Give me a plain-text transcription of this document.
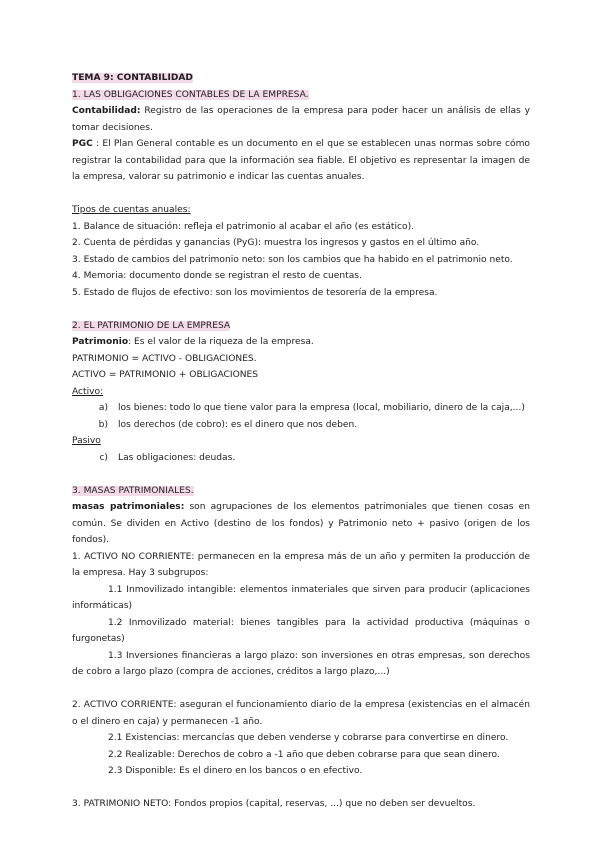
TEMA 9: CONTABILIDAD

1. LAS OBLIGACIONES CONTABLES DE LA EMPRESA.

Contabilidad: Registro de las operaciones de la empresa para poder hacer un análisis de ellas y tomar decisiones.

PGC : El Plan General contable es un documento en el que se establecen unas normas sobre cómo registrar la contabilidad para que la información sea fiable. El objetivo es representar la imagen de la empresa, valorar su patrimonio e indicar las cuentas anuales.

Tipos de cuentas anuales:

1. Balance de situación: refleja el patrimonio al acabar el año (es estático).

2. Cuenta de pérdidas y ganancias (PyG): muestra los ingresos y gastos en el último año.

3. Estado de cambios del patrimonio neto: son los cambios que ha habido en el patrimonio neto.

4. Memoria: documento donde se registran el resto de cuentas.

5. Estado de flujos de efectivo: son los movimientos de tesorería de la empresa.

2. EL PATRIMONIO DE LA EMPRESA

Patrimonio: Es el valor de la riqueza de la empresa.

PATRIMONIO = ACTIVO - OBLIGACIONES.

ACTIVO = PATRIMONIO + OBLIGACIONES

Activo:

a)	los bienes: todo lo que tiene valor para la empresa (local, mobiliario, dinero de la caja,...)
b)	los derechos (de cobro): es el dinero que nos deben.

Pasivo

c)	Las obligaciones: deudas.

3. MASAS PATRIMONIALES.

masas patrimoniales: son agrupaciones de los elementos patrimoniales que tienen cosas en común. Se dividen en Activo (destino de los fondos) y Patrimonio neto + pasivo (origen de los fondos).

1. ACTIVO NO CORRIENTE: permanecen en la empresa más de un año y permiten la producción de la empresa. Hay 3 subgrupos:

1.1 Inmovilizado intangible: elementos inmateriales que sirven para producir (aplicaciones informáticas)

1.2 Inmovilizado material: bienes tangibles para la actividad productiva (máquinas o furgonetas)

1.3 Inversiones financieras a largo plazo: son inversiones en otras empresas, son derechos de cobro a largo plazo (compra de acciones, créditos a largo plazo,...)

2. ACTIVO CORRIENTE: aseguran el funcionamiento diario de la empresa (existencias en el almacén o el dinero en caja) y permanecen -1 año.

2.1 Existencias: mercancías que deben venderse y cobrarse para convertirse en dinero.

2.2 Realizable: Derechos de cobro a -1 año que deben cobrarse para que sean dinero.

2.3 Disponible: Es el dinero en los bancos o en efectivo.

3. PATRIMONIO NETO: Fondos propios (capital, reservas, ...) que no deben ser devueltos.
